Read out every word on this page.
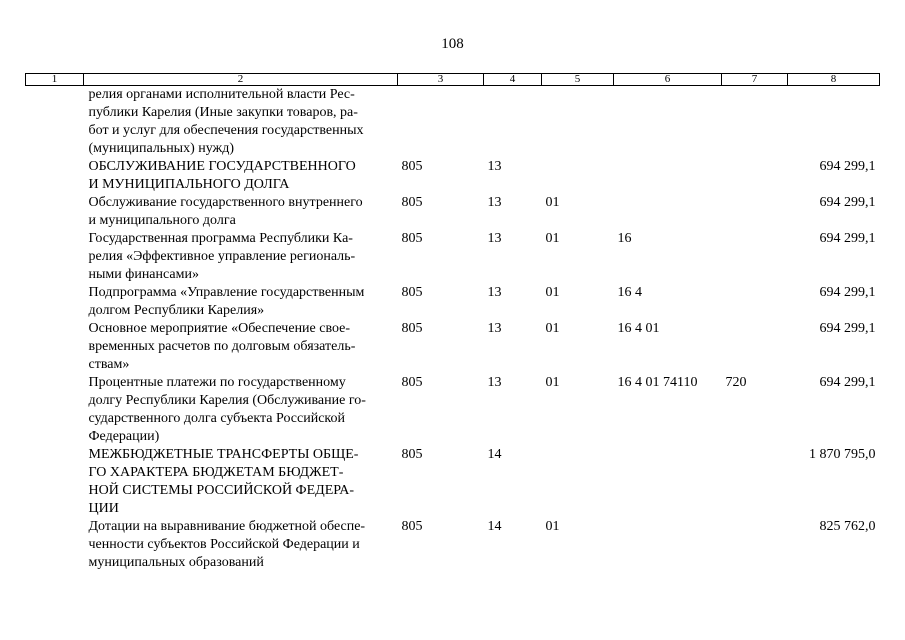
108
1	2	3	4	5	6	7	8

	релия органами исполнительной власти Рес-
публики Карелия (Иные закупки товаров, ра-
бот и услуг для обеспечения государственных
(муниципальных) нужд)						

	ОБСЛУЖИВАНИЕ ГОСУДАРСТВЕННОГО
И МУНИЦИПАЛЬНОГО ДОЛГА	805	13				694 299,1

	Обслуживание государственного внутреннего
и муниципального долга	805	13	01			694 299,1

	Государственная программа Республики Ка-
релия «Эффективное управление региональ-
ными финансами»	805	13	01	16		694 299,1

	Подпрограмма «Управление государственным
долгом Республики Карелия»	805	13	01	16 4		694 299,1

	Основное мероприятие «Обеспечение свое-
временных расчетов по долговым обязатель-
ствам»	805	13	01	16 4 01		694 299,1

	Процентные платежи по государственному
долгу Республики Карелия (Обслуживание го-
сударственного долга субъекта Российской
Федерации)	805	13	01	16 4 01 74110	720	694 299,1

	МЕЖБЮДЖЕТНЫЕ ТРАНСФЕРТЫ ОБЩЕ-
ГО ХАРАКТЕРА БЮДЖЕТАМ БЮДЖЕТ-
НОЙ СИСТЕМЫ РОССИЙСКОЙ ФЕДЕРА-
ЦИИ	805	14				1 870 795,0

	Дотации на выравнивание бюджетной обеспе-
ченности субъектов Российской Федерации и
муниципальных образований	805	14	01			825 762,0
